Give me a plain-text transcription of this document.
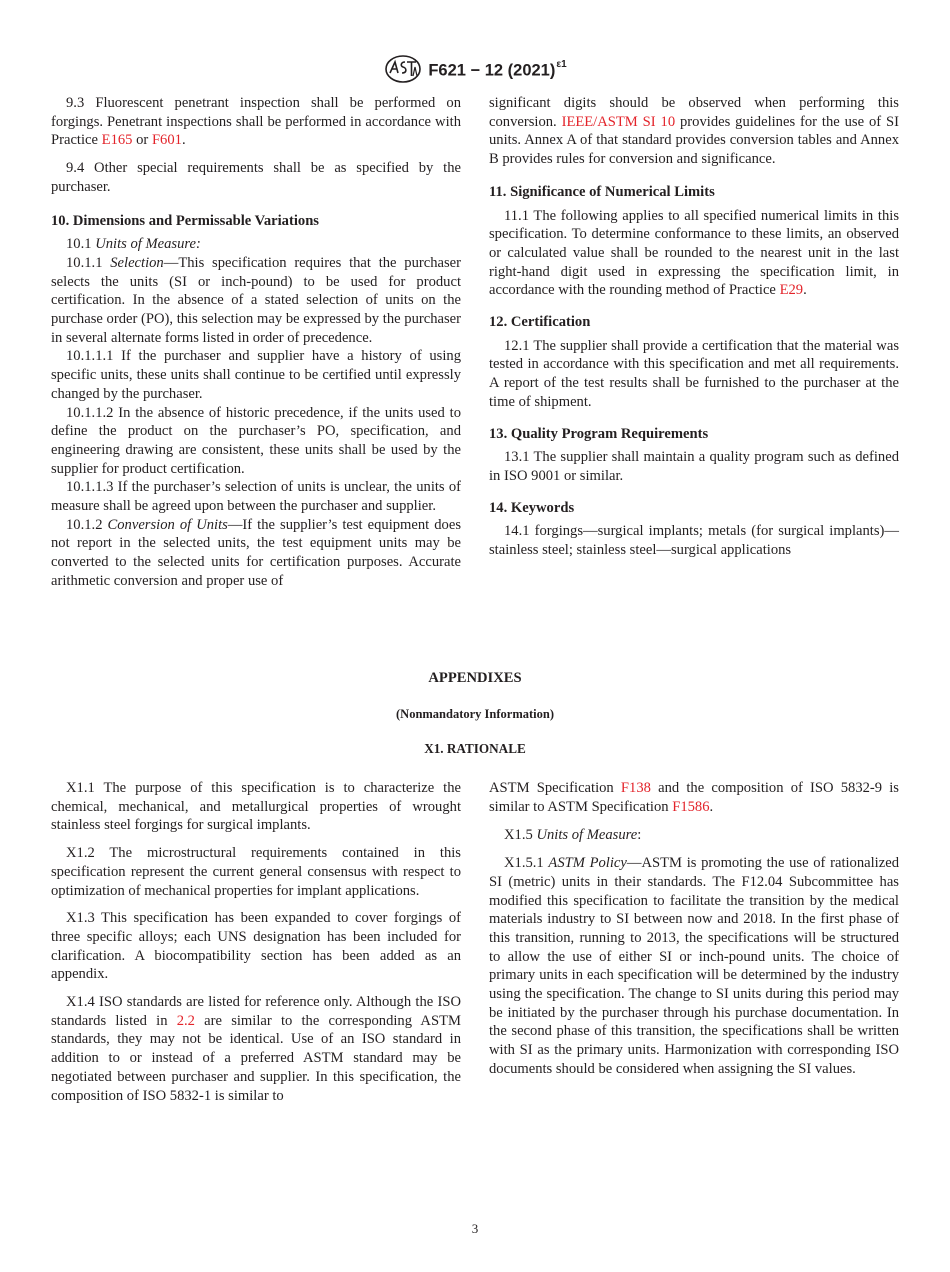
F621 − 12 $(2021)^{\varepsilon 1}$

9.3 Fluorescent penetrant inspection shall be performed on forgings. Penetrant inspections shall be performed in accordance with Practice E165 or F601.

9.4 Other special requirements shall be as specified by the purchaser.

10. Dimensions and Permissable Variations

10.1 Units of Measure:

10.1.1 Selection—This specification requires that the purchaser selects the units (SI or inch-pound) to be used for product certification. In the absence of a stated selection of units on the purchase order (PO), this selection may be expressed by the purchaser in several alternate forms listed in order of precedence.

10.1.1.1 If the purchaser and supplier have a history of using specific units, these units shall continue to be certified until expressly changed by the purchaser.

10.1.1.2 In the absence of historic precedence, if the units used to define the product on the purchaser’s PO, specification, and engineering drawing are consistent, these units shall be used by the supplier for product certification.

10.1.1.3 If the purchaser’s selection of units is unclear, the units of measure shall be agreed upon between the purchaser and supplier.

10.1.2 Conversion of Units—If the supplier’s test equipment does not report in the selected units, the test equipment units may be converted to the selected units for certification purposes. Accurate arithmetic conversion and proper use of

significant digits should be observed when performing this conversion. IEEE/ASTM SI 10 provides guidelines for the use of SI units. Annex A of that standard provides conversion tables and Annex B provides rules for conversion and significance.

11. Significance of Numerical Limits

11.1 The following applies to all specified numerical limits in this specification. To determine conformance to these limits, an observed or calculated value shall be rounded to the nearest unit in the last right-hand digit used in expressing the specification limit, in accordance with the rounding method of Practice E29.

12. Certification

12.1 The supplier shall provide a certification that the material was tested in accordance with this specification and met all requirements. A report of the test results shall be furnished to the purchaser at the time of shipment.

13. Quality Program Requirements

13.1 The supplier shall maintain a quality program such as defined in ISO 9001 or similar.

14. Keywords

14.1 forgings—surgical implants; metals (for surgical implants)—stainless steel; stainless steel—surgical applications

APPENDIXES
(Nonmandatory Information)
X1. RATIONALE

X1.1 The purpose of this specification is to characterize the chemical, mechanical, and metallurgical properties of wrought stainless steel forgings for surgical implants.

X1.2 The microstructural requirements contained in this specification represent the current general consensus with respect to optimization of mechanical properties for implant applications.

X1.3 This specification has been expanded to cover forgings of three specific alloys; each UNS designation has been included for clarification. A biocompatibility section has been added as an appendix.

X1.4 ISO standards are listed for reference only. Although the ISO standards listed in 2.2 are similar to the corresponding ASTM standards, they may not be identical. Use of an ISO standard in addition to or instead of a preferred ASTM standard may be negotiated between purchaser and supplier. In this specification, the composition of ISO 5832-1 is similar to

ASTM Specification F138 and the composition of ISO 5832-9 is similar to ASTM Specification F1586.

X1.5 Units of Measure:

X1.5.1 ASTM Policy—ASTM is promoting the use of rationalized SI (metric) units in their standards. The F12.04 Subcommittee has modified this specification to facilitate the transition by the medical materials industry to SI between now and 2018. In the first phase of this transition, running to 2013, the specifications will be structured to allow the use of either SI or inch-pound units. The choice of primary units in each specification will be determined by the industry using the specification. The change to SI units during this period may be initiated by the purchaser through his purchase documentation. In the second phase of this transition, the specifications shall be written with SI as the primary units. Harmonization with corresponding ISO documents should be considered when assigning the SI values.

3
